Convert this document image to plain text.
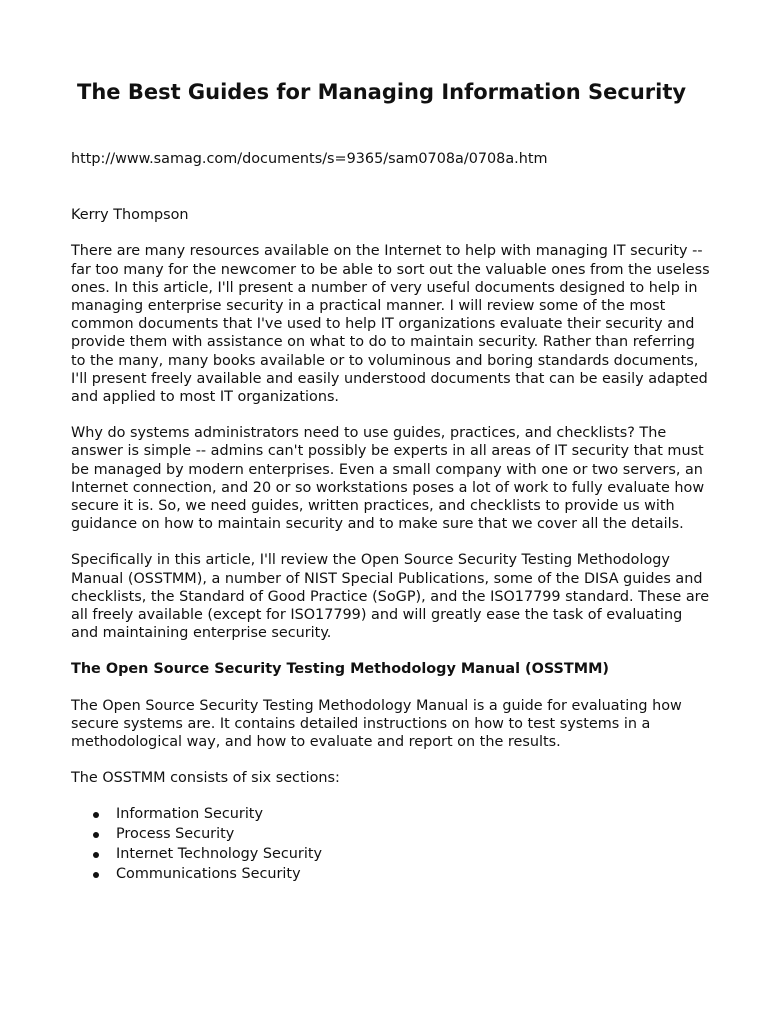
The Best Guides for Managing Information Security

http://www.samag.com/documents/s=9365/sam0708a/0708a.htm

Kerry Thompson

There are many resources available on the Internet to help with managing IT security -- far too many for the newcomer to be able to sort out the valuable ones from the useless ones. In this article, I'll present a number of very useful documents designed to help in managing enterprise security in a practical manner. I will review some of the most common documents that I've used to help IT organizations evaluate their security and provide them with assistance on what to do to maintain security. Rather than referring to the many, many books available or to voluminous and boring standards documents, I'll present freely available and easily understood documents that can be easily adapted and applied to most IT organizations.

Why do systems administrators need to use guides, practices, and checklists? The answer is simple -- admins can't possibly be experts in all areas of IT security that must be managed by modern enterprises. Even a small company with one or two servers, an Internet connection, and 20 or so workstations poses a lot of work to fully evaluate how secure it is. So, we need guides, written practices, and checklists to provide us with guidance on how to maintain security and to make sure that we cover all the details.

Specifically in this article, I'll review the Open Source Security Testing Methodology Manual (OSSTMM), a number of NIST Special Publications, some of the DISA guides and checklists, the Standard of Good Practice (SoGP), and the ISO17799 standard. These are all freely available (except for ISO17799) and will greatly ease the task of evaluating and maintaining enterprise security.

The Open Source Security Testing Methodology Manual (OSSTMM)

The Open Source Security Testing Methodology Manual is a guide for evaluating how secure systems are. It contains detailed instructions on how to test systems in a methodological way, and how to evaluate and report on the results.

The OSSTMM consists of six sections:

Information Security
Process Security
Internet Technology Security
Communications Security
